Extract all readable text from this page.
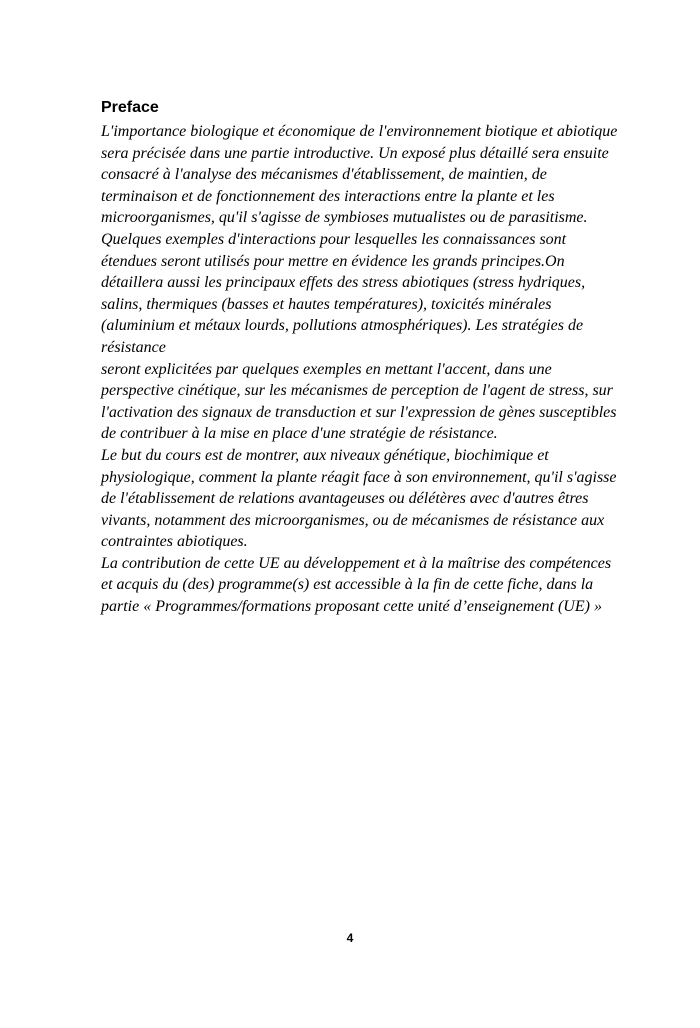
Preface
L'importance biologique et économique de l'environnement biotique et abiotique
sera précisée dans une partie introductive. Un exposé plus détaillé sera ensuite
consacré à l'analyse des mécanismes d'établissement, de maintien, de
terminaison et de fonctionnement des interactions entre la plante et les
microorganismes, qu'il s'agisse de symbioses mutualistes ou de parasitisme.
Quelques exemples d'interactions pour lesquelles les connaissances sont
étendues seront utilisés pour mettre en évidence les grands principes.On
détaillera aussi les principaux effets des stress abiotiques (stress hydriques,
salins, thermiques (basses et hautes températures), toxicités minérales
(aluminium et métaux lourds, pollutions atmosphériques). Les stratégies de
résistance
seront explicitées par quelques exemples en mettant l'accent, dans une
perspective cinétique, sur les mécanismes de perception de l'agent de stress, sur
l'activation des signaux de transduction et sur l'expression de gènes susceptibles
de contribuer à la mise en place d'une stratégie de résistance.
Le but du cours est de montrer, aux niveaux génétique, biochimique et
physiologique, comment la plante réagit face à son environnement, qu'il s'agisse
de l'établissement de relations avantageuses ou délétères avec d'autres êtres
vivants, notamment des microorganismes, ou de mécanismes de résistance aux
contraintes abiotiques.
La contribution de cette UE au développement et à la maîtrise des compétences
et acquis du (des) programme(s) est accessible à la fin de cette fiche, dans la
partie « Programmes/formations proposant cette unité d’enseignement (UE) »
4
